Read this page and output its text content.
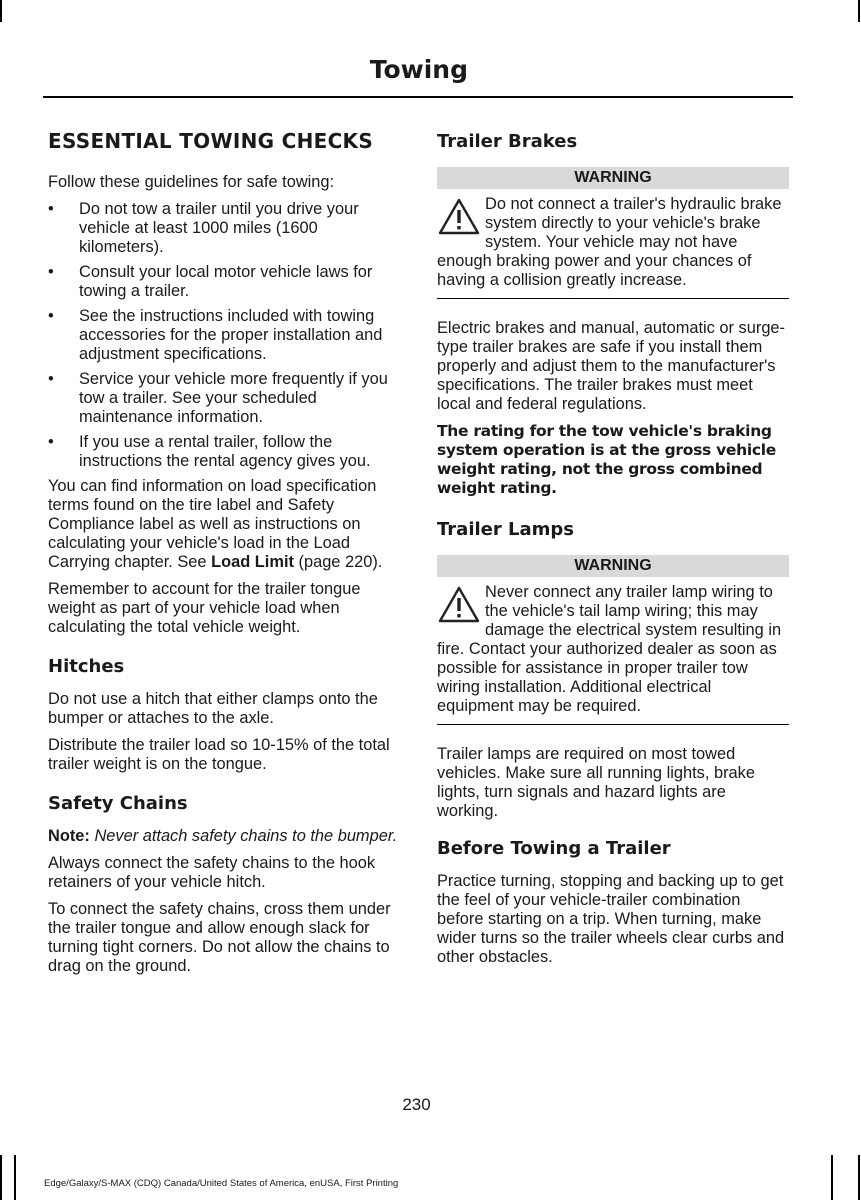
Towing
ESSENTIAL TOWING CHECKS

Follow these guidelines for safe towing:

• Do not tow a trailer until you drive your vehicle at least 1000 miles (1600 kilometers).
• Consult your local motor vehicle laws for towing a trailer.
• See the instructions included with towing accessories for the proper installation and adjustment specifications.
• Service your vehicle more frequently if you tow a trailer. See your scheduled maintenance information.
• If you use a rental trailer, follow the instructions the rental agency gives you.

You can find information on load specification terms found on the tire label and Safety Compliance label as well as instructions on calculating your vehicle's load in the Load Carrying chapter. See Load Limit (page 220).

Remember to account for the trailer tongue weight as part of your vehicle load when calculating the total vehicle weight.

Hitches

Do not use a hitch that either clamps onto the bumper or attaches to the axle.

Distribute the trailer load so 10-15% of the total trailer weight is on the tongue.

Safety Chains

Note: Never attach safety chains to the bumper.

Always connect the safety chains to the hook retainers of your vehicle hitch.

To connect the safety chains, cross them under the trailer tongue and allow enough slack for turning tight corners. Do not allow the chains to drag on the ground.

Trailer Brakes
WARNING
Do not connect a trailer's hydraulic brake system directly to your vehicle's brake system. Your vehicle may not have enough braking power and your chances of having a collision greatly increase.

Electric brakes and manual, automatic or surge-type trailer brakes are safe if you install them properly and adjust them to the manufacturer's specifications. The trailer brakes must meet local and federal regulations.

The rating for the tow vehicle's braking system operation is at the gross vehicle weight rating, not the gross combined weight rating.

Trailer Lamps
WARNING
Never connect any trailer lamp wiring to the vehicle's tail lamp wiring; this may damage the electrical system resulting in fire. Contact your authorized dealer as soon as possible for assistance in proper trailer tow wiring installation. Additional electrical equipment may be required.

Trailer lamps are required on most towed vehicles. Make sure all running lights, brake lights, turn signals and hazard lights are working.

Before Towing a Trailer

Practice turning, stopping and backing up to get the feel of your vehicle-trailer combination before starting on a trip. When turning, make wider turns so the trailer wheels clear curbs and other obstacles.

230
Edge/Galaxy/S-MAX (CDQ) Canada/United States of America, enUSA, First Printing
